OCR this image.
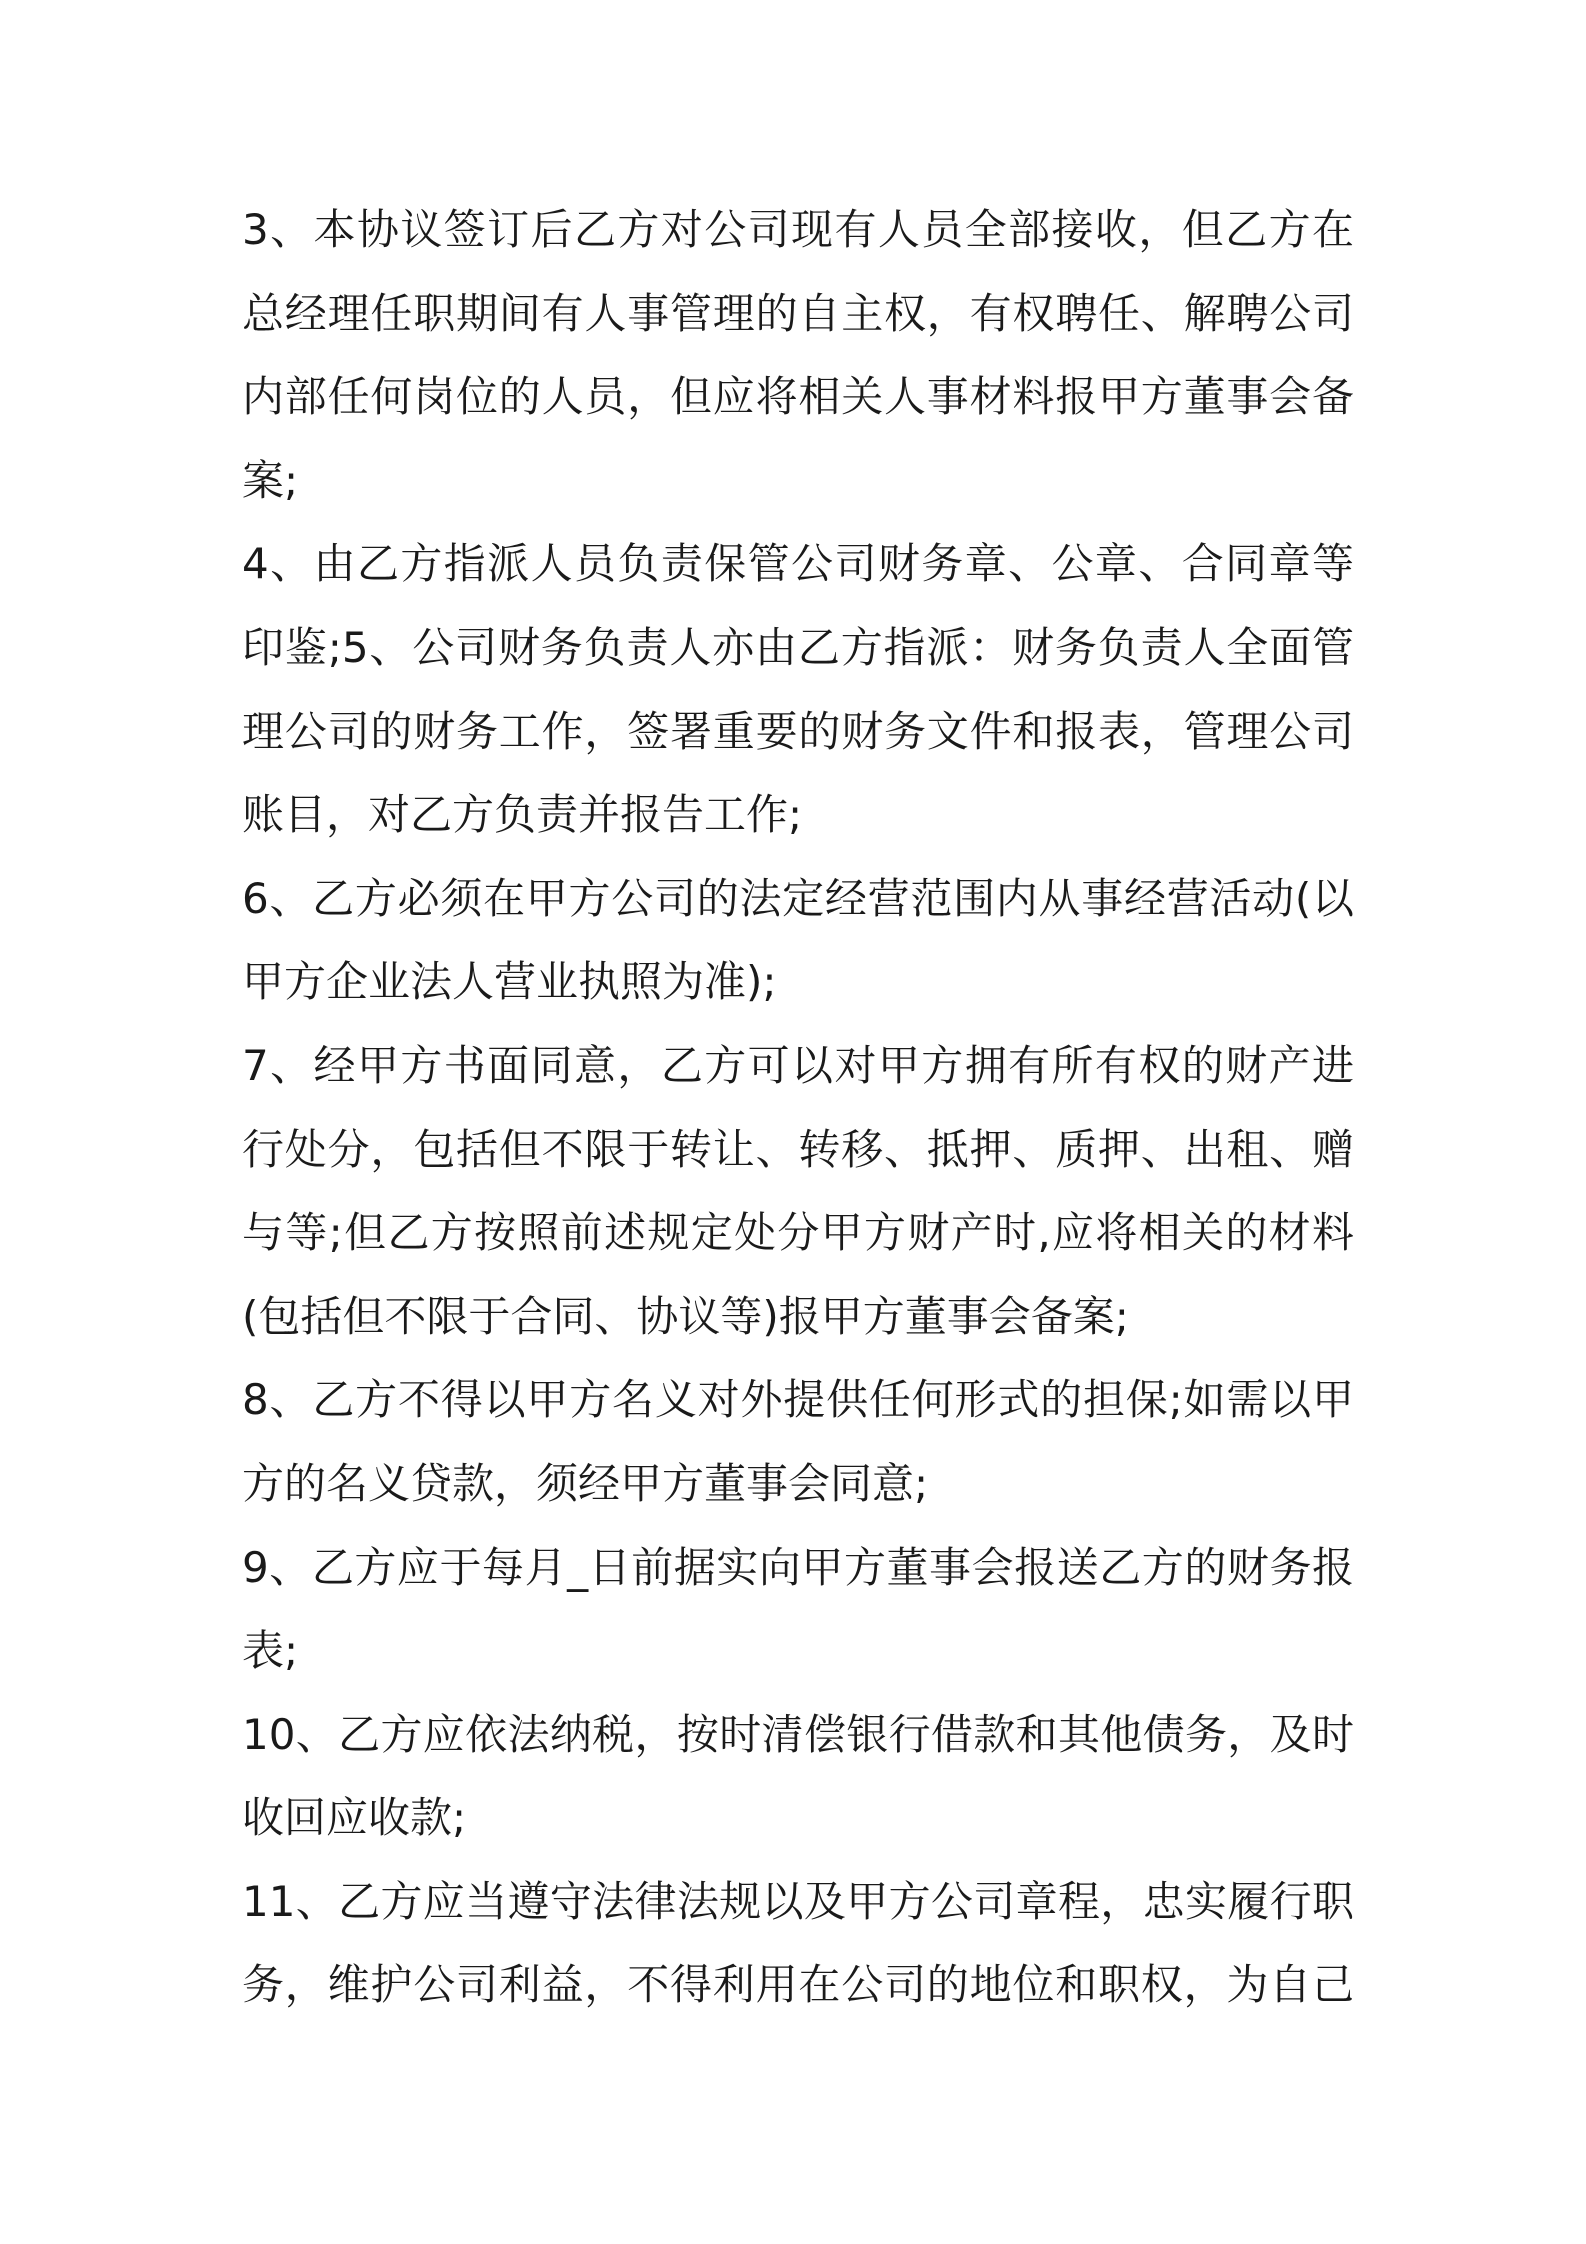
3、本协议签订后乙方对公司现有人员全部接收，但乙方在
总经理任职期间有人事管理的自主权，有权聘任、解聘公司
内部任何岗位的人员，但应将相关人事材料报甲方董事会备
案;
4、由乙方指派人员负责保管公司财务章、公章、合同章等
印鉴;5、公司财务负责人亦由乙方指派：财务负责人全面管
理公司的财务工作，签署重要的财务文件和报表，管理公司
账目，对乙方负责并报告工作;
6、乙方必须在甲方公司的法定经营范围内从事经营活动(以
甲方企业法人营业执照为准);
7、经甲方书面同意，乙方可以对甲方拥有所有权的财产进
行处分，包括但不限于转让、转移、抵押、质押、出租、赠
与等;但乙方按照前述规定处分甲方财产时,应将相关的材料
(包括但不限于合同、协议等)报甲方董事会备案;
8、乙方不得以甲方名义对外提供任何形式的担保;如需以甲
方的名义贷款，须经甲方董事会同意;
9、乙方应于每月_日前据实向甲方董事会报送乙方的财务报
表;
10、乙方应依法纳税，按时清偿银行借款和其他债务，及时
收回应收款;
11、乙方应当遵守法律法规以及甲方公司章程，忠实履行职
务，维护公司利益，不得利用在公司的地位和职权，为自己
